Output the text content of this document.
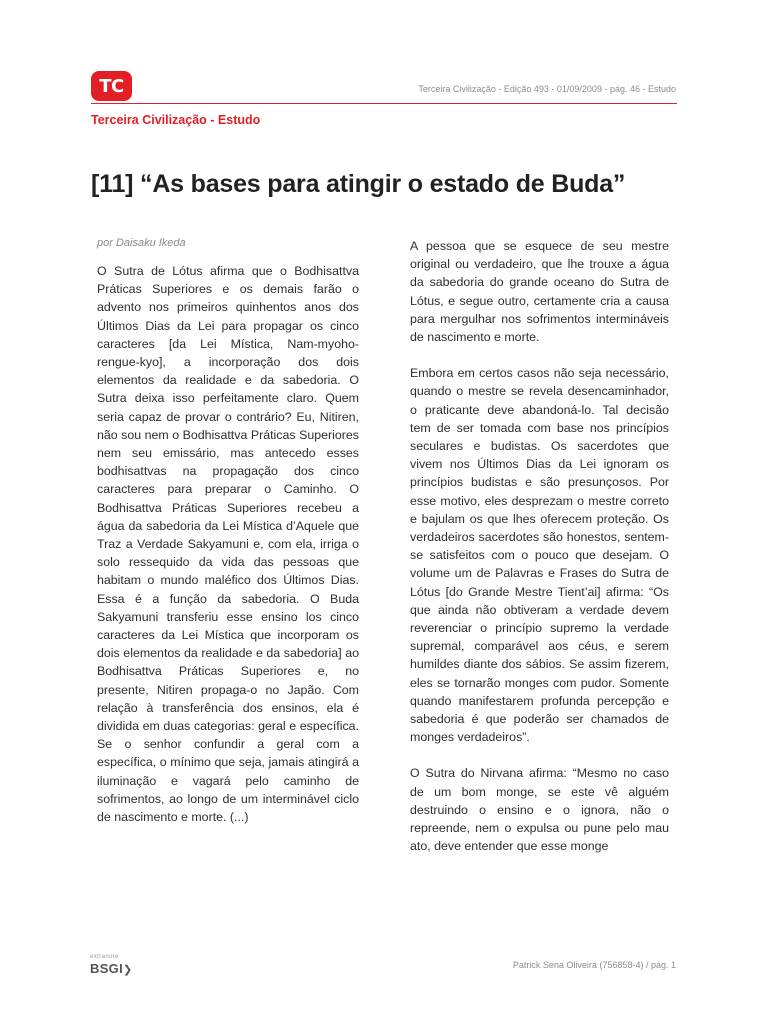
TC	Terceira Civilização - Edição 493 - 01/09/2009 - pág. 46 - Estudo
Terceira Civilização - Estudo
[11] “As bases para atingir o estado de Buda”
por Daisaku Ikeda

O Sutra de Lótus afirma que o Bodhisattva Práticas Superiores e os demais farão o advento nos primeiros quinhentos anos dos Últimos Dias da Lei para propagar os cinco caracteres [da Lei Mística, Nam-myoho-rengue-kyo], a incorporação dos dois elementos da realidade e da sabedoria. O Sutra deixa isso perfeitamente claro. Quem seria capaz de provar o contrário? Eu, Nitiren, não sou nem o Bodhisattva Práticas Superiores nem seu emissário, mas antecedo esses bodhisattvas na propagação dos cinco caracteres para preparar o Caminho. O Bodhisattva Práticas Superiores recebeu a água da sabedoria da Lei Mística d’Aquele que Traz a Verdade Sakyamuni e, com ela, irriga o solo ressequido da vida das pessoas que habitam o mundo maléfico dos Últimos Dias. Essa é a função da sabedoria. O Buda Sakyamuni transferiu esse ensino los cinco caracteres da Lei Mística que incorporam os dois elementos da realidade e da sabedoria] ao Bodhisattva Práticas Superiores e, no presente, Nitiren propaga-o no Japão. Com relação à transferência dos ensinos, ela é dividida em duas categorias: geral e específica. Se o senhor confundir a geral com a específica, o mínimo que seja, jamais atingirá a iluminação e vagará pelo caminho de sofrimentos, ao longo de um interminável ciclo de nascimento e morte. (...)

A pessoa que se esquece de seu mestre original ou verdadeiro, que lhe trouxe a água da sabedoria do grande oceano do Sutra de Lótus, e segue outro, certamente cria a causa para mergulhar nos sofrimentos intermináveis de nascimento e morte.

Embora em certos casos não seja necessário, quando o mestre se revela desencaminhador, o praticante deve abandoná-lo. Tal decisão tem de ser tomada com base nos princípios seculares e budistas. Os sacerdotes que vivem nos Últimos Dias da Lei ignoram os princípios budistas e são presunçosos. Por esse motivo, eles desprezam o mestre correto e bajulam os que lhes oferecem proteção. Os verdadeiros sacerdotes são honestos, sentem-se satisfeitos com o pouco que desejam. O volume um de Palavras e Frases do Sutra de Lótus [do Grande Mestre Tient’ai] afirma: “Os que ainda não obtiveram a verdade devem reverenciar o princípio supremo la verdade supremal, comparável aos céus, e serem humildes diante dos sábios. Se assim fizerem, eles se tornarão monges com pudor. Somente quando manifestarem profunda percepção e sabedoria é que poderão ser chamados de monges verdadeiros”.

O Sutra do Nirvana afirma: “Mesmo no caso de um bom monge, se este vê alguém destruindo o ensino e o ignora, não o repreende, nem o expulsa ou pune pelo mau ato, deve entender que esse monge

extranote
BSGI❯	Patrick Sena Oliveira (756858-4) / pág. 1
